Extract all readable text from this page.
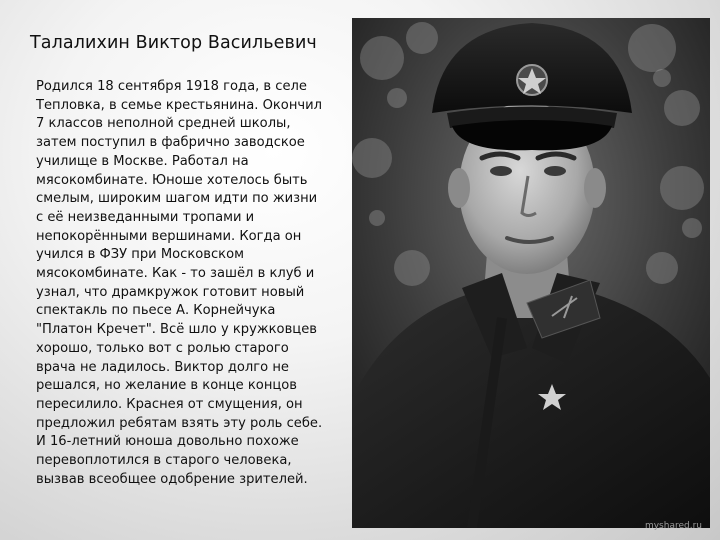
Талалихин Виктор Васильевич

Родился 18 сентября 1918 года, в селе
Тепловка, в семье крестьянина. Окончил
7 классов неполной средней школы,
затем поступил в фабрично заводское
училище в Москве. Работал на
мясокомбинате. Юноше хотелось быть
смелым, широким шагом идти по жизни
с её неизведанными тропами и
непокорёнными вершинами. Когда он
учился в ФЗУ при Московском
мясокомбинате. Как - то зашёл в клуб и
узнал, что драмкружок готовит новый
спектакль по пьесе А. Корнейчука
"Платон Кречет". Всё шло у кружковцев
хорошо, только вот с ролью старого
врача не ладилось. Виктор долго не
решался, но желание в конце концов
пересилило. Краснея от смущения, он
предложил ребятам взять эту роль себе.
И 16-летний юноша довольно похоже
перевоплотился в старого человека,
вызвав всеобщее одобрение зрителей.

myshared.ru
